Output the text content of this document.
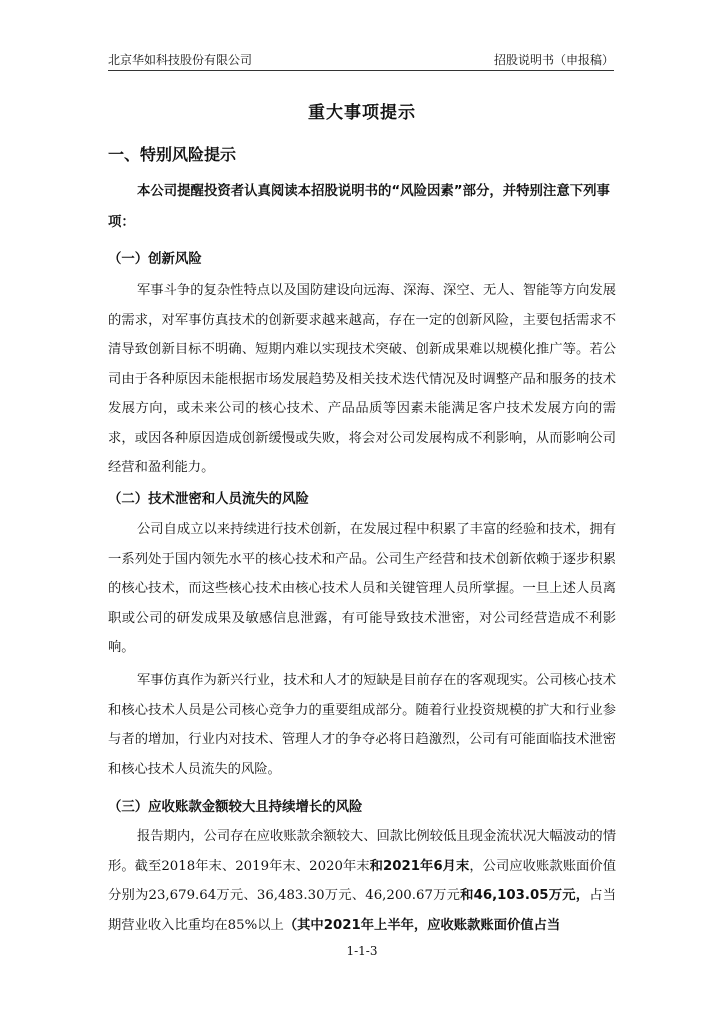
北京华如科技股份有限公司	招股说明书（申报稿）
重大事项提示
一、特别风险提示
本公司提醒投资者认真阅读本招股说明书的“风险因素”部分，并特别注意下列事项：
（一）创新风险

军事斗争的复杂性特点以及国防建设向远海、深海、深空、无人、智能等方向发展的需求，对军事仿真技术的创新要求越来越高，存在一定的创新风险，主要包括需求不清导致创新目标不明确、短期内难以实现技术突破、创新成果难以规模化推广等。若公司由于各种原因未能根据市场发展趋势及相关技术迭代情况及时调整产品和服务的技术发展方向，或未来公司的核心技术、产品品质等因素未能满足客户技术发展方向的需求，或因各种原因造成创新缓慢或失败，将会对公司发展构成不利影响，从而影响公司经营和盈利能力。

（二）技术泄密和人员流失的风险

公司自成立以来持续进行技术创新，在发展过程中积累了丰富的经验和技术，拥有一系列处于国内领先水平的核心技术和产品。公司生产经营和技术创新依赖于逐步积累的核心技术，而这些核心技术由核心技术人员和关键管理人员所掌握。一旦上述人员离职或公司的研发成果及敏感信息泄露，有可能导致技术泄密，对公司经营造成不利影响。

军事仿真作为新兴行业，技术和人才的短缺是目前存在的客观现实。公司核心技术和核心技术人员是公司核心竞争力的重要组成部分。随着行业投资规模的扩大和行业参与者的增加，行业内对技术、管理人才的争夺必将日趋激烈，公司有可能面临技术泄密和核心技术人员流失的风险。

（三）应收账款金额较大且持续增长的风险

报告期内，公司存在应收账款余额较大、回款比例较低且现金流状况大幅波动的情形。截至2018年末、2019年末、2020年末和2021年6月末，公司应收账款账面价值分别为23,679.64万元、36,483.30万元、46,200.67万元和46,103.05万元，占当期营业收入比重均在85%以上（其中2021年上半年，应收账款账面价值占当

1-1-3
